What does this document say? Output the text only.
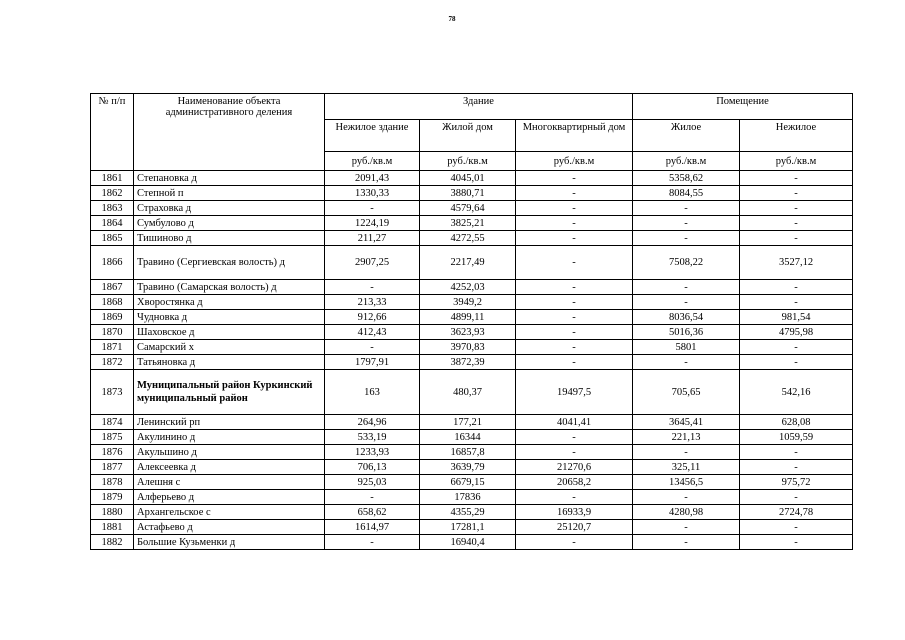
78
№ п/п	Наименование объекта административного деления	Здание			Помещение	
		Нежилое здание	Жилой дом	Многоквартирный дом	Жилое	Нежилое
		руб./кв.м	руб./кв.м	руб./кв.м	руб./кв.м	руб./кв.м
1861	Степановка д	2091,43	4045,01	-	5358,62	-
1862	Степной п	1330,33	3880,71	-	8084,55	-
1863	Страховка д	-	4579,64	-	-	-
1864	Сумбулово д	1224,19	3825,21	-	-	-
1865	Тишиново д	211,27	4272,55	-	-	-
1866	Травино (Сергиевская волость) д	2907,25	2217,49	-	7508,22	3527,12
1867	Травино (Самарская волость) д	-	4252,03	-	-	-
1868	Хворостянка д	213,33	3949,2	-	-	-
1869	Чудновка д	912,66	4899,11	-	8036,54	981,54
1870	Шаховское д	412,43	3623,93	-	5016,36	4795,98
1871	Самарский х	-	3970,83	-	5801	-
1872	Татьяновка д	1797,91	3872,39	-	-	-
1873	Муниципальный район Куркинский муниципальный район	163	480,37	19497,5	705,65	542,16
1874	Ленинский рп	264,96	177,21	4041,41	3645,41	628,08
1875	Акулинино д	533,19	16344	-	221,13	1059,59
1876	Акульшино д	1233,93	16857,8	-	-	-
1877	Алексеевка д	706,13	3639,79	21270,6	325,11	-
1878	Алешня с	925,03	6679,15	20658,2	13456,5	975,72
1879	Алферьево д	-	17836	-	-	-
1880	Архангельское с	658,62	4355,29	16933,9	4280,98	2724,78
1881	Астафьево д	1614,97	17281,1	25120,7	-	-
1882	Большие Кузьменки д	-	16940,4	-	-	-
